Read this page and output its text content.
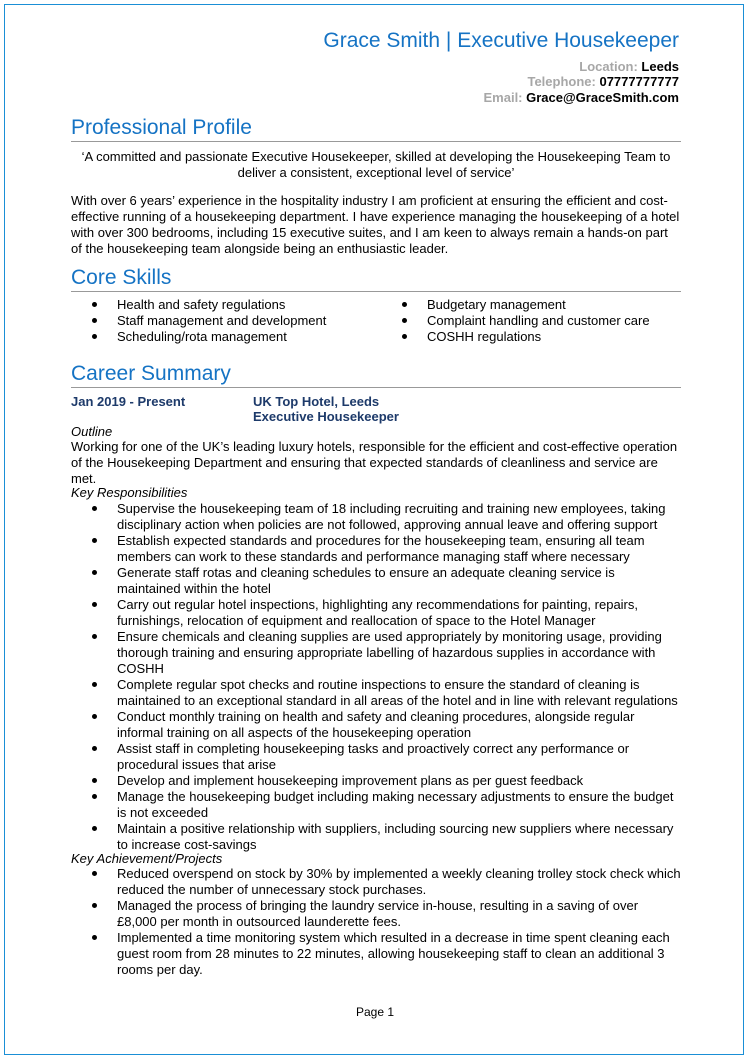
Grace Smith | Executive Housekeeper
Location: Leeds
Telephone: 07777777777
Email: Grace@GraceSmith.com
Professional Profile
‘A committed and passionate Executive Housekeeper, skilled at developing the Housekeeping Team to
deliver a consistent, exceptional level of service’
With over 6 years’ experience in the hospitality industry I am proficient at ensuring the efficient and cost-effective running of a housekeeping department. I have experience managing the housekeeping of a hotel with over 300 bedrooms, including 15 executive suites, and I am keen to always remain a hands-on part of the housekeeping team alongside being an enthusiastic leader.
Core Skills
Health and safety regulations
Staff management and development
Scheduling/rota management
Budgetary management
Complaint handling and customer care
COSHH regulations
Career Summary
Jan 2019 - Present	UK Top Hotel, Leeds
Executive Housekeeper
Outline
Working for one of the UK’s leading luxury hotels, responsible for the efficient and cost-effective operation of the Housekeeping Department and ensuring that expected standards of cleanliness and service are met.
Key Responsibilities
Supervise the housekeeping team of 18 including recruiting and training new employees, taking disciplinary action when policies are not followed, approving annual leave and offering support
Establish expected standards and procedures for the housekeeping team, ensuring all team members can work to these standards and performance managing staff where necessary
Generate staff rotas and cleaning schedules to ensure an adequate cleaning service is maintained within the hotel
Carry out regular hotel inspections, highlighting any recommendations for painting, repairs, furnishings, relocation of equipment and reallocation of space to the Hotel Manager
Ensure chemicals and cleaning supplies are used appropriately by monitoring usage, providing thorough training and ensuring appropriate labelling of hazardous supplies in accordance with COSHH
Complete regular spot checks and routine inspections to ensure the standard of cleaning is maintained to an exceptional standard in all areas of the hotel and in line with relevant regulations
Conduct monthly training on health and safety and cleaning procedures, alongside regular informal training on all aspects of the housekeeping operation
Assist staff in completing housekeeping tasks and proactively correct any performance or procedural issues that arise
Develop and implement housekeeping improvement plans as per guest feedback
Manage the housekeeping budget including making necessary adjustments to ensure the budget is not exceeded
Maintain a positive relationship with suppliers, including sourcing new suppliers where necessary to increase cost-savings
Key Achievement/Projects
Reduced overspend on stock by 30% by implemented a weekly cleaning trolley stock check which reduced the number of unnecessary stock purchases.
Managed the process of bringing the laundry service in-house, resulting in a saving of over £8,000 per month in outsourced launderette fees.
Implemented a time monitoring system which resulted in a decrease in time spent cleaning each guest room from 28 minutes to 22 minutes, allowing housekeeping staff to clean an additional 3 rooms per day.
Page 1
